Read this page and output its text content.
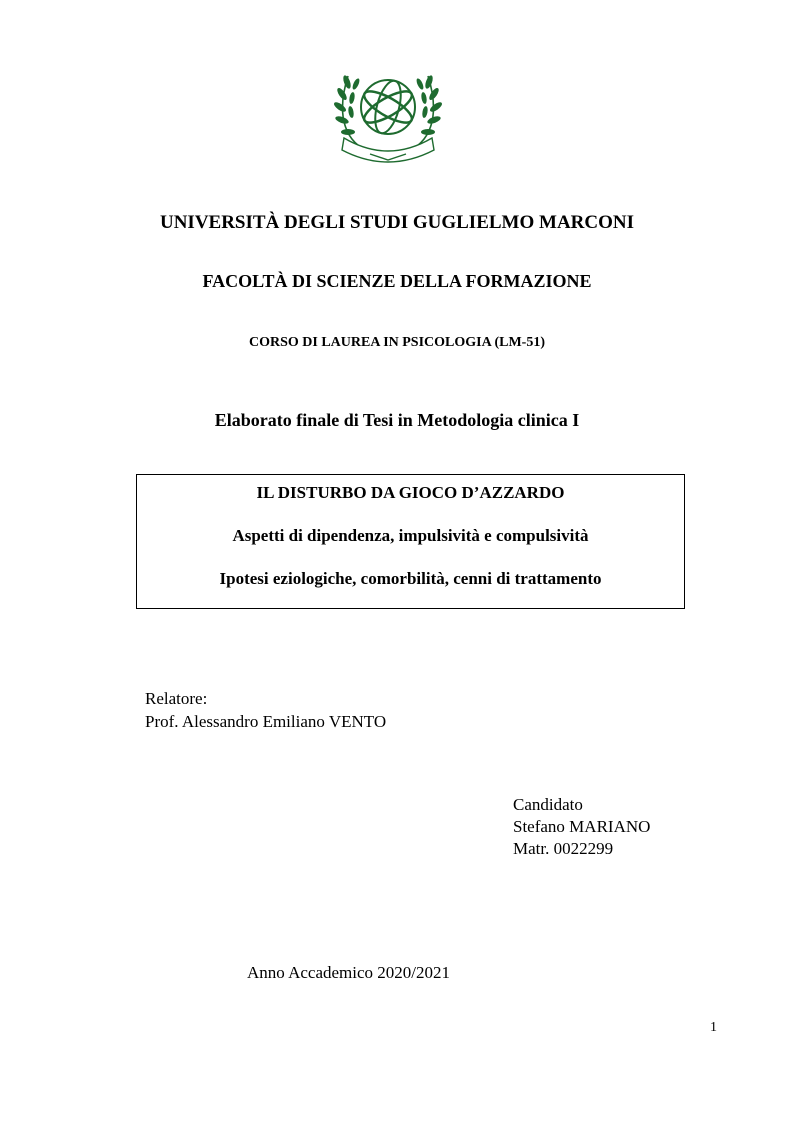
UNIVERSITÀ DEGLI STUDI GUGLIELMO MARCONI
FACOLTÀ DI SCIENZE DELLA FORMAZIONE
CORSO DI LAUREA IN PSICOLOGIA (LM-51)
Elaborato finale di Tesi in Metodologia clinica I
IL DISTURBO DA GIOCO D’AZZARDO
Aspetti di dipendenza, impulsività e compulsività
Ipotesi eziologiche, comorbilità, cenni di trattamento
Relatore:
Prof. Alessandro Emiliano VENTO
Candidato
Stefano MARIANO
Matr. 0022299
Anno Accademico 2020/2021
1
